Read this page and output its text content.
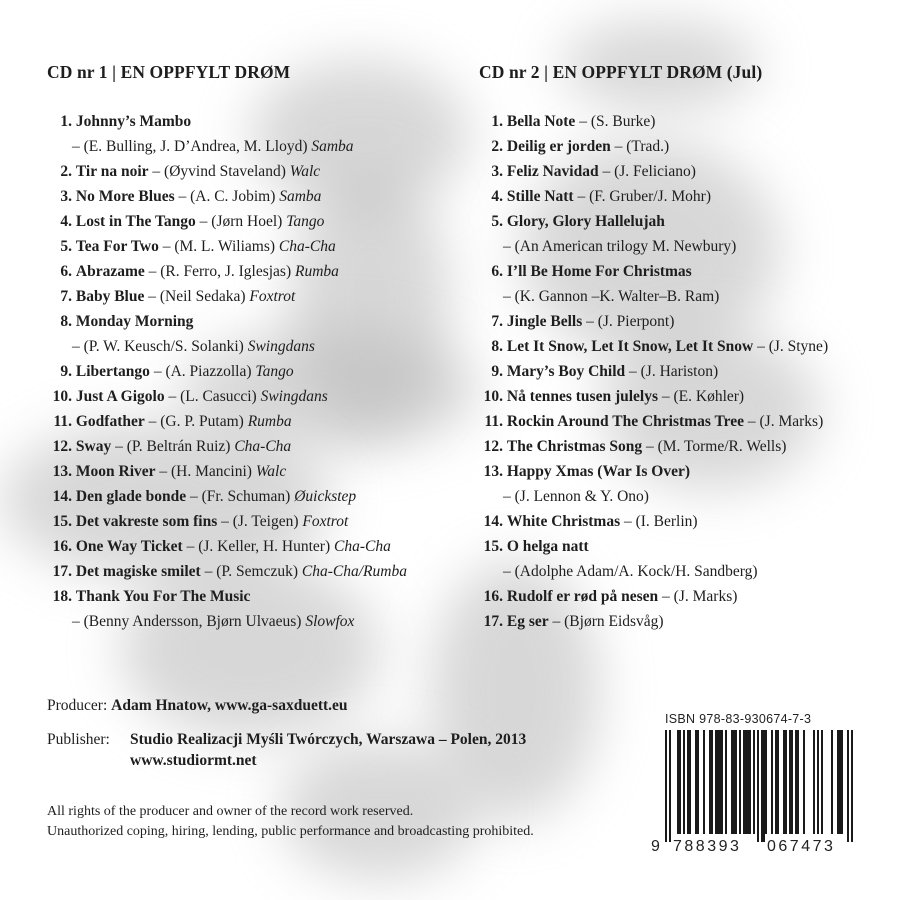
CD nr 1 | EN OPPFYLT DRØM	CD nr 2 | EN OPPFYLT DRØM (Jul)
1. Johnny’s Mambo
– (E. Bulling, J. D’Andrea, M. Lloyd) Samba
2. Tir na noir – (Øyvind Staveland) Walc
3. No More Blues – (A. C. Jobim) Samba
4. Lost in The Tango – (Jørn Hoel) Tango
5. Tea For Two – (M. L. Wiliams) Cha-Cha
6. Abrazame – (R. Ferro, J. Iglesjas) Rumba
7. Baby Blue – (Neil Sedaka) Foxtrot
8. Monday Morning
– (P. W. Keusch/S. Solanki) Swingdans
9. Libertango – (A. Piazzolla) Tango
10. Just A Gigolo – (L. Casucci) Swingdans
11. Godfather – (G. P. Putam) Rumba
12. Sway – (P. Beltrán Ruiz) Cha-Cha
13. Moon River – (H. Mancini) Walc
14. Den glade bonde – (Fr. Schuman) Øuickstep
15. Det vakreste som fins – (J. Teigen) Foxtrot
16. One Way Ticket – (J. Keller, H. Hunter) Cha-Cha
17. Det magiske smilet – (P. Semczuk) Cha-Cha/Rumba
18. Thank You For The Music
– (Benny Andersson, Bjørn Ulvaeus) Slowfox
1. Bella Note – (S. Burke)
2. Deilig er jorden – (Trad.)
3. Feliz Navidad – (J. Feliciano)
4. Stille Natt – (F. Gruber/J. Mohr)
5. Glory, Glory Hallelujah
– (An American trilogy M. Newbury)
6. I’ll Be Home For Christmas
– (K. Gannon –K. Walter–B. Ram)
7. Jingle Bells – (J. Pierpont)
8. Let It Snow, Let It Snow, Let It Snow – (J. Styne)
9. Mary’s Boy Child – (J. Hariston)
10. Nå tennes tusen julelys – (E. Køhler)
11. Rockin Around The Christmas Tree – (J. Marks)
12. The Christmas Song – (M. Torme/R. Wells)
13. Happy Xmas (War Is Over)
– (J. Lennon & Y. Ono)
14. White Christmas – (I. Berlin)
15. O helga natt
– (Adolphe Adam/A. Kock/H. Sandberg)
16. Rudolf er rød på nesen – (J. Marks)
17. Eg ser – (Bjørn Eidsvåg)
Producer: Adam Hnatow, www.ga-saxduett.eu
Publisher: Studio Realizacji Myśli Twórczych, Warszawa – Polen, 2013
www.studiormt.net
All rights of the producer and owner of the record work reserved.
Unauthorized coping, hiring, lending, public performance and broadcasting prohibited.
ISBN 978-83-930674-7-3
9 788393 067473
